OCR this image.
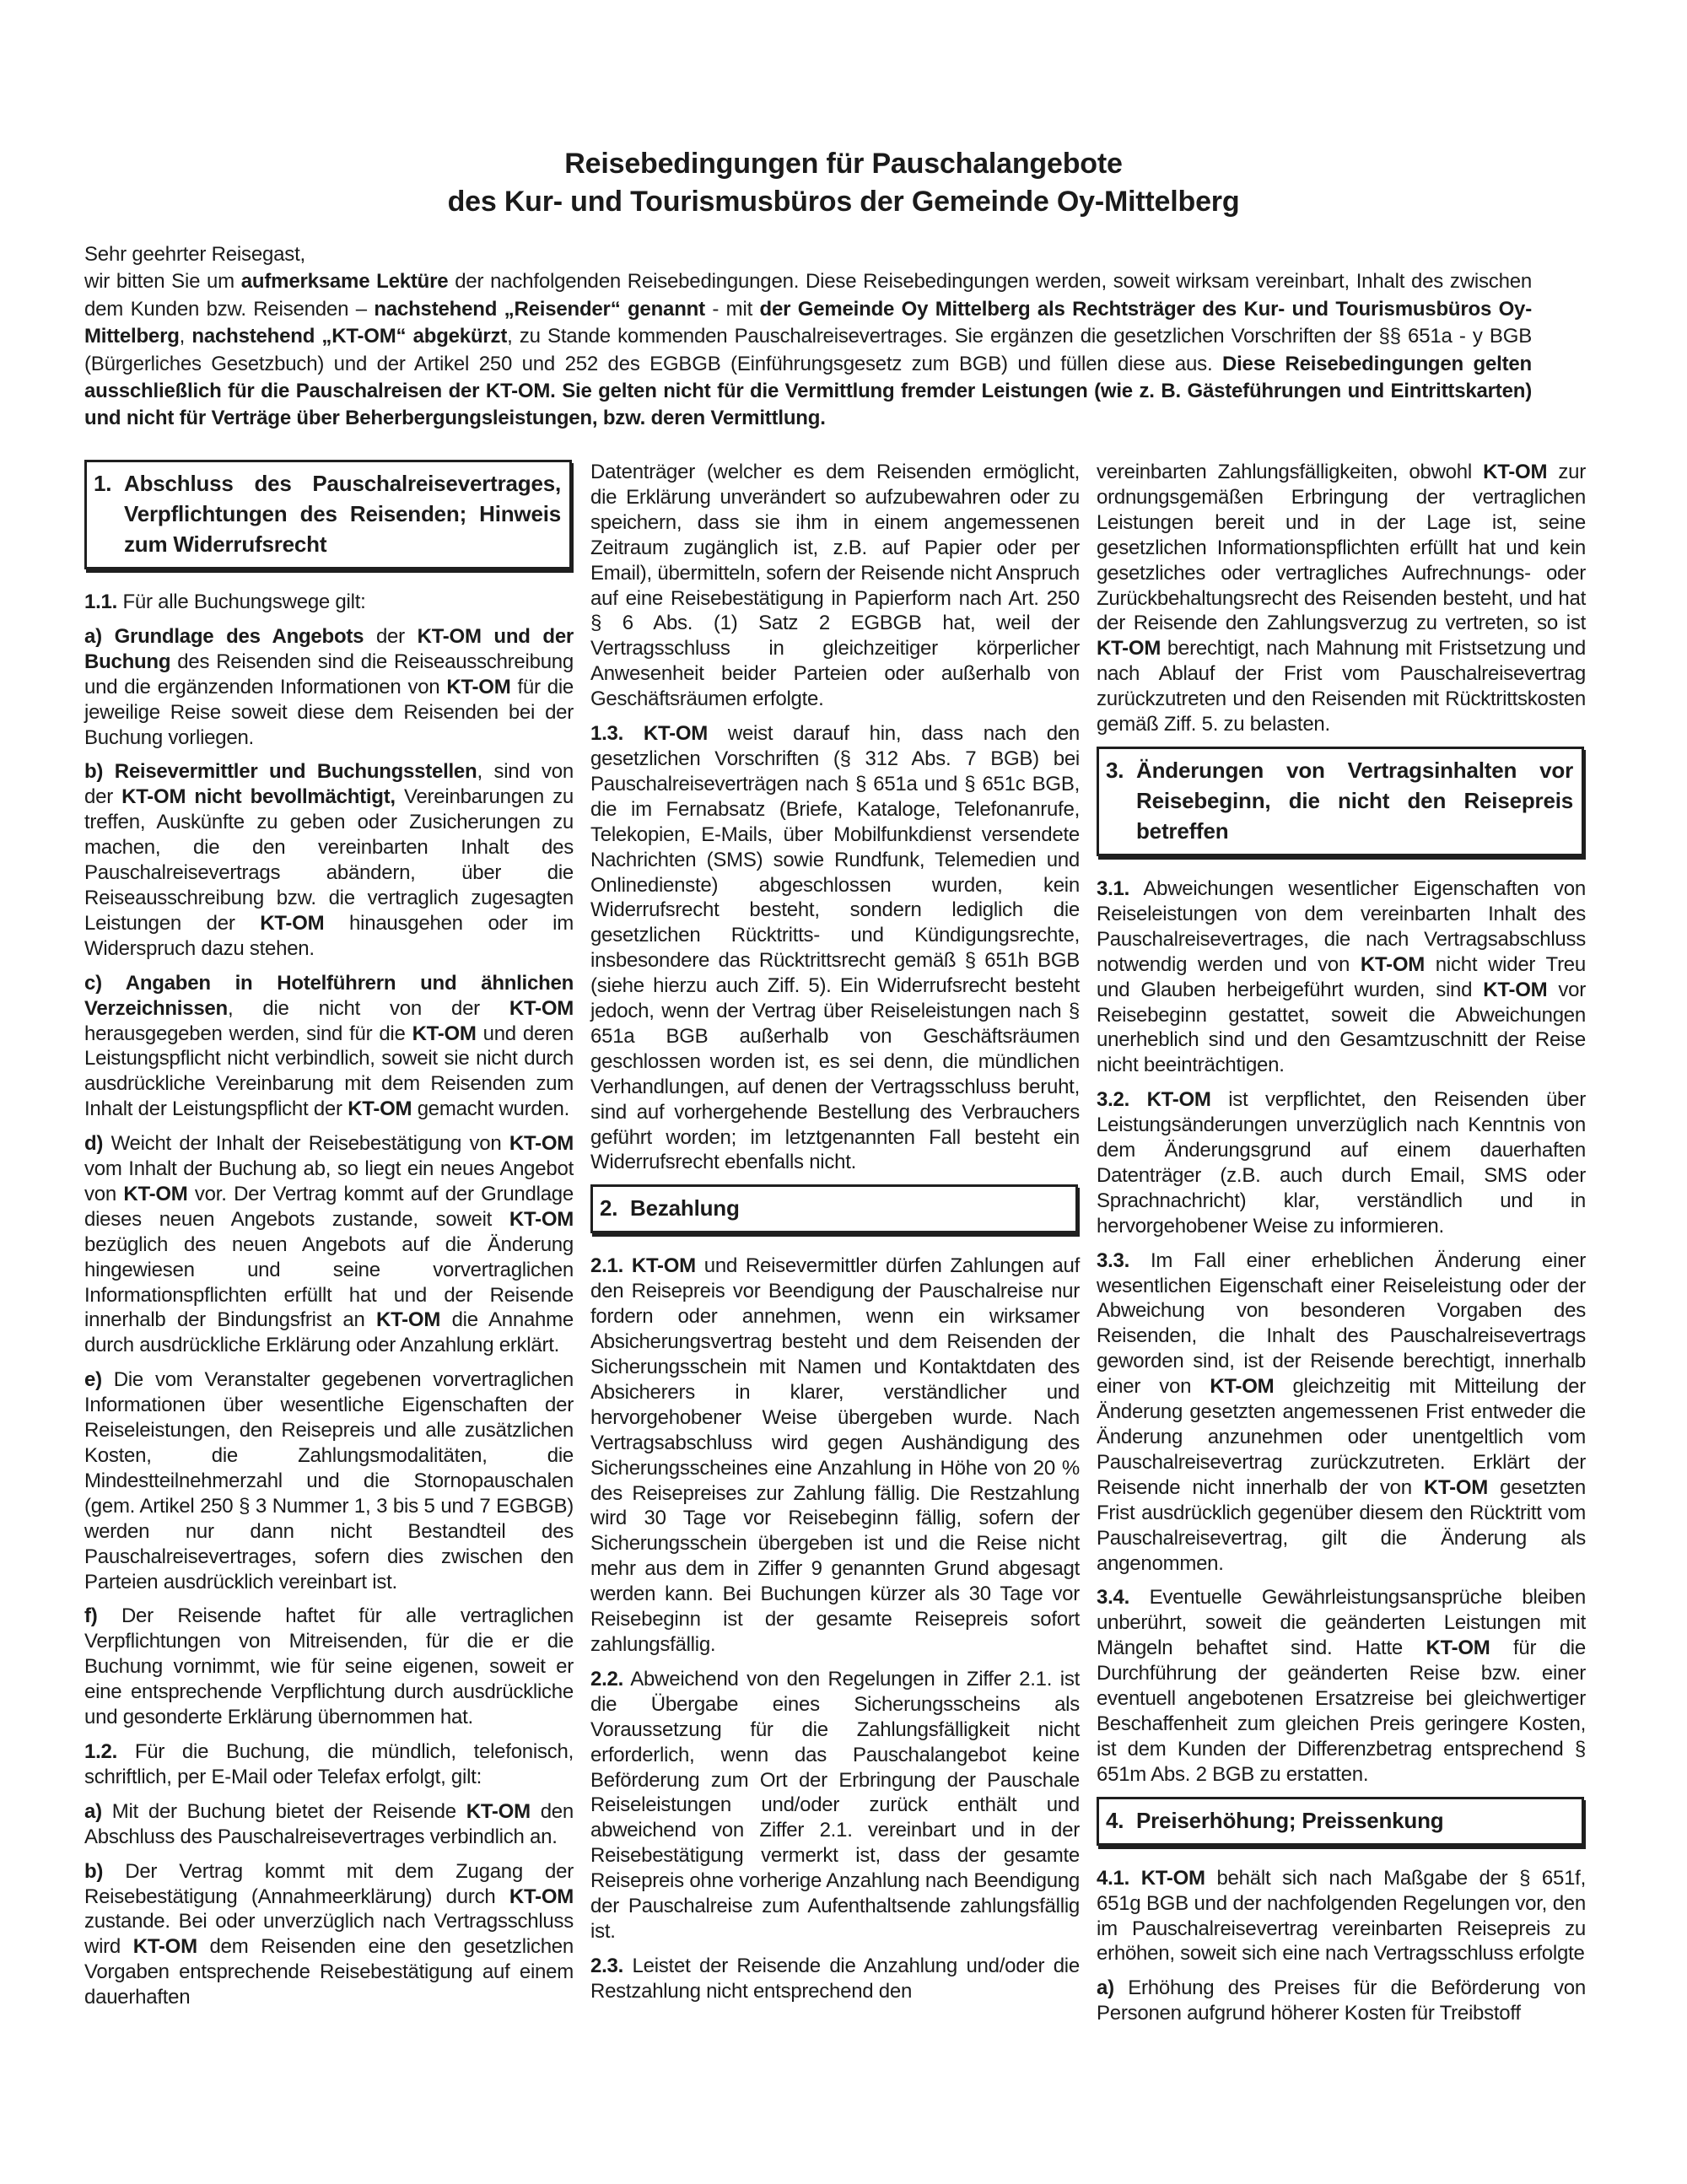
Reisebedingungen für Pauschalangebote
des Kur- und Tourismusbüros der Gemeinde Oy-Mittelberg
Sehr geehrter Reisegast,
wir bitten Sie um aufmerksame Lektüre der nachfolgenden Reisebedingungen. Diese Reisebedingungen werden, soweit wirksam vereinbart, Inhalt des zwischen dem Kunden bzw. Reisenden – nachstehend „Reisender“ genannt - mit der Gemeinde Oy Mittelberg als Rechtsträger des Kur- und Tourismusbüros Oy-Mittelberg, nachstehend „KT-OM“ abgekürzt, zu Stande kommenden Pauschalreisevertrages. Sie ergänzen die gesetzlichen Vorschriften der §§ 651a - y BGB (Bürgerliches Gesetzbuch) und der Artikel 250 und 252 des EGBGB (Einführungsgesetz zum BGB) und füllen diese aus. Diese Reisebedingungen gelten ausschließlich für die Pauschalreisen der KT-OM. Sie gelten nicht für die Vermittlung fremder Leistungen (wie z. B. Gästeführungen und Eintrittskarten) und nicht für Verträge über Beherbergungsleistungen, bzw. deren Vermittlung.
1. Abschluss des Pauschalreisevertrages, Verpflichtungen des Reisenden; Hinweis zum Widerrufsrecht
1.1. Für alle Buchungswege gilt:
a) Grundlage des Angebots der KT-OM und der Buchung des Reisenden sind die Reiseausschreibung und die ergänzenden Informationen von KT-OM für die jeweilige Reise soweit diese dem Reisenden bei der Buchung vorliegen.
b) Reisevermittler und Buchungsstellen, sind von der KT-OM nicht bevollmächtigt, Vereinbarungen zu treffen, Auskünfte zu geben oder Zusicherungen zu machen, die den vereinbarten Inhalt des Pauschalreisevertrags abändern, über die Reiseausschreibung bzw. die vertraglich zugesagten Leistungen der KT-OM hinausgehen oder im Widerspruch dazu stehen.
c) Angaben in Hotelführern und ähnlichen Verzeichnissen, die nicht von der KT-OM herausgegeben werden, sind für die KT-OM und deren Leistungspflicht nicht verbindlich, soweit sie nicht durch ausdrückliche Vereinbarung mit dem Reisenden zum Inhalt der Leistungspflicht der KT-OM gemacht wurden.
d) Weicht der Inhalt der Reisebestätigung von KT-OM vom Inhalt der Buchung ab, so liegt ein neues Angebot von KT-OM vor. Der Vertrag kommt auf der Grundlage dieses neuen Angebots zustande, soweit KT-OM bezüglich des neuen Angebots auf die Änderung hingewiesen und seine vorvertraglichen Informationspflichten erfüllt hat und der Reisende innerhalb der Bindungsfrist an KT-OM die Annahme durch ausdrückliche Erklärung oder Anzahlung erklärt.
e) Die vom Veranstalter gegebenen vorvertraglichen Informationen über wesentliche Eigenschaften der Reiseleistungen, den Reisepreis und alle zusätzlichen Kosten, die Zahlungsmodalitäten, die Mindestteilnehmerzahl und die Stornopauschalen (gem. Artikel 250 § 3 Nummer 1, 3 bis 5 und 7 EGBGB) werden nur dann nicht Bestandteil des Pauschalreisevertrages, sofern dies zwischen den Parteien ausdrücklich vereinbart ist.
f) Der Reisende haftet für alle vertraglichen Verpflichtungen von Mitreisenden, für die er die Buchung vornimmt, wie für seine eigenen, soweit er eine entsprechende Verpflichtung durch ausdrückliche und gesonderte Erklärung übernommen hat.
1.2. Für die Buchung, die mündlich, telefonisch, schriftlich, per E-Mail oder Telefax erfolgt, gilt:
a) Mit der Buchung bietet der Reisende KT-OM den Abschluss des Pauschalreisevertrages verbindlich an.
b) Der Vertrag kommt mit dem Zugang der Reisebestätigung (Annahmeerklärung) durch KT-OM zustande. Bei oder unverzüglich nach Vertragsschluss wird KT-OM dem Reisenden eine den gesetzlichen Vorgaben entsprechende Reisebestätigung auf einem dauerhaften
Datenträger (welcher es dem Reisenden ermöglicht, die Erklärung unverändert so aufzubewahren oder zu speichern, dass sie ihm in einem angemessenen Zeitraum zugänglich ist, z.B. auf Papier oder per Email), übermitteln, sofern der Reisende nicht Anspruch auf eine Reisebestätigung in Papierform nach Art. 250 § 6 Abs. (1) Satz 2 EGBGB hat, weil der Vertragsschluss in gleichzeitiger körperlicher Anwesenheit beider Parteien oder außerhalb von Geschäftsräumen erfolgte.
1.3. KT-OM weist darauf hin, dass nach den gesetzlichen Vorschriften (§ 312 Abs. 7 BGB) bei Pauschalreiseverträgen nach § 651a und § 651c BGB, die im Fernabsatz (Briefe, Kataloge, Telefonanrufe, Telekopien, E-Mails, über Mobilfunkdienst versendete Nachrichten (SMS) sowie Rundfunk, Telemedien und Onlinedienste) abgeschlossen wurden, kein Widerrufsrecht besteht, sondern lediglich die gesetzlichen Rücktritts- und Kündigungsrechte, insbesondere das Rücktrittsrecht gemäß § 651h BGB (siehe hierzu auch Ziff. 5). Ein Widerrufsrecht besteht jedoch, wenn der Vertrag über Reiseleistungen nach § 651a BGB außerhalb von Geschäftsräumen geschlossen worden ist, es sei denn, die mündlichen Verhandlungen, auf denen der Vertragsschluss beruht, sind auf vorhergehende Bestellung des Verbrauchers geführt worden; im letztgenannten Fall besteht ein Widerrufsrecht ebenfalls nicht.
2. Bezahlung
2.1. KT-OM und Reisevermittler dürfen Zahlungen auf den Reisepreis vor Beendigung der Pauschalreise nur fordern oder annehmen, wenn ein wirksamer Absicherungsvertrag besteht und dem Reisenden der Sicherungsschein mit Namen und Kontaktdaten des Absicherers in klarer, verständlicher und hervorgehobener Weise übergeben wurde. Nach Vertragsabschluss wird gegen Aushändigung des Sicherungsscheines eine Anzahlung in Höhe von 20 % des Reisepreises zur Zahlung fällig. Die Restzahlung wird 30 Tage vor Reisebeginn fällig, sofern der Sicherungsschein übergeben ist und die Reise nicht mehr aus dem in Ziffer 9 genannten Grund abgesagt werden kann. Bei Buchungen kürzer als 30 Tage vor Reisebeginn ist der gesamte Reisepreis sofort zahlungsfällig.
2.2. Abweichend von den Regelungen in Ziffer 2.1. ist die Übergabe eines Sicherungsscheins als Voraussetzung für die Zahlungsfälligkeit nicht erforderlich, wenn das Pauschalangebot keine Beförderung zum Ort der Erbringung der Pauschale Reiseleistungen und/oder zurück enthält und abweichend von Ziffer 2.1. vereinbart und in der Reisebestätigung vermerkt ist, dass der gesamte Reisepreis ohne vorherige Anzahlung nach Beendigung der Pauschalreise zum Aufenthaltsende zahlungsfällig ist.
2.3. Leistet der Reisende die Anzahlung und/oder die Restzahlung nicht entsprechend den
vereinbarten Zahlungsfälligkeiten, obwohl KT-OM zur ordnungsgemäßen Erbringung der vertraglichen Leistungen bereit und in der Lage ist, seine gesetzlichen Informationspflichten erfüllt hat und kein gesetzliches oder vertragliches Aufrechnungs- oder Zurückbehaltungsrecht des Reisenden besteht, und hat der Reisende den Zahlungsverzug zu vertreten, so ist KT-OM berechtigt, nach Mahnung mit Fristsetzung und nach Ablauf der Frist vom Pauschalreisevertrag zurückzutreten und den Reisenden mit Rücktrittskosten gemäß Ziff. 5. zu belasten.
3. Änderungen von Vertragsinhalten vor Reisebeginn, die nicht den Reisepreis betreffen
3.1. Abweichungen wesentlicher Eigenschaften von Reiseleistungen von dem vereinbarten Inhalt des Pauschalreisevertrages, die nach Vertragsabschluss notwendig werden und von KT-OM nicht wider Treu und Glauben herbeigeführt wurden, sind KT-OM vor Reisebeginn gestattet, soweit die Abweichungen unerheblich sind und den Gesamtzuschnitt der Reise nicht beeinträchtigen.
3.2. KT-OM ist verpflichtet, den Reisenden über Leistungsänderungen unverzüglich nach Kenntnis von dem Änderungsgrund auf einem dauerhaften Datenträger (z.B. auch durch Email, SMS oder Sprachnachricht) klar, verständlich und in hervorgehobener Weise zu informieren.
3.3. Im Fall einer erheblichen Änderung einer wesentlichen Eigenschaft einer Reiseleistung oder der Abweichung von besonderen Vorgaben des Reisenden, die Inhalt des Pauschalreisevertrags geworden sind, ist der Reisende berechtigt, innerhalb einer von KT-OM gleichzeitig mit Mitteilung der Änderung gesetzten angemessenen Frist entweder die Änderung anzunehmen oder unentgeltlich vom Pauschalreisevertrag zurückzutreten. Erklärt der Reisende nicht innerhalb der von KT-OM gesetzten Frist ausdrücklich gegenüber diesem den Rücktritt vom Pauschalreisevertrag, gilt die Änderung als angenommen.
3.4. Eventuelle Gewährleistungsansprüche bleiben unberührt, soweit die geänderten Leistungen mit Mängeln behaftet sind. Hatte KT-OM für die Durchführung der geänderten Reise bzw. einer eventuell angebotenen Ersatzreise bei gleichwertiger Beschaffenheit zum gleichen Preis geringere Kosten, ist dem Kunden der Differenzbetrag entsprechend § 651m Abs. 2 BGB zu erstatten.
4. Preiserhöhung; Preissenkung
4.1. KT-OM behält sich nach Maßgabe der § 651f, 651g BGB und der nachfolgenden Regelungen vor, den im Pauschalreisevertrag vereinbarten Reisepreis zu erhöhen, soweit sich eine nach Vertragsschluss erfolgte
a) Erhöhung des Preises für die Beförderung von Personen aufgrund höherer Kosten für Treibstoff
